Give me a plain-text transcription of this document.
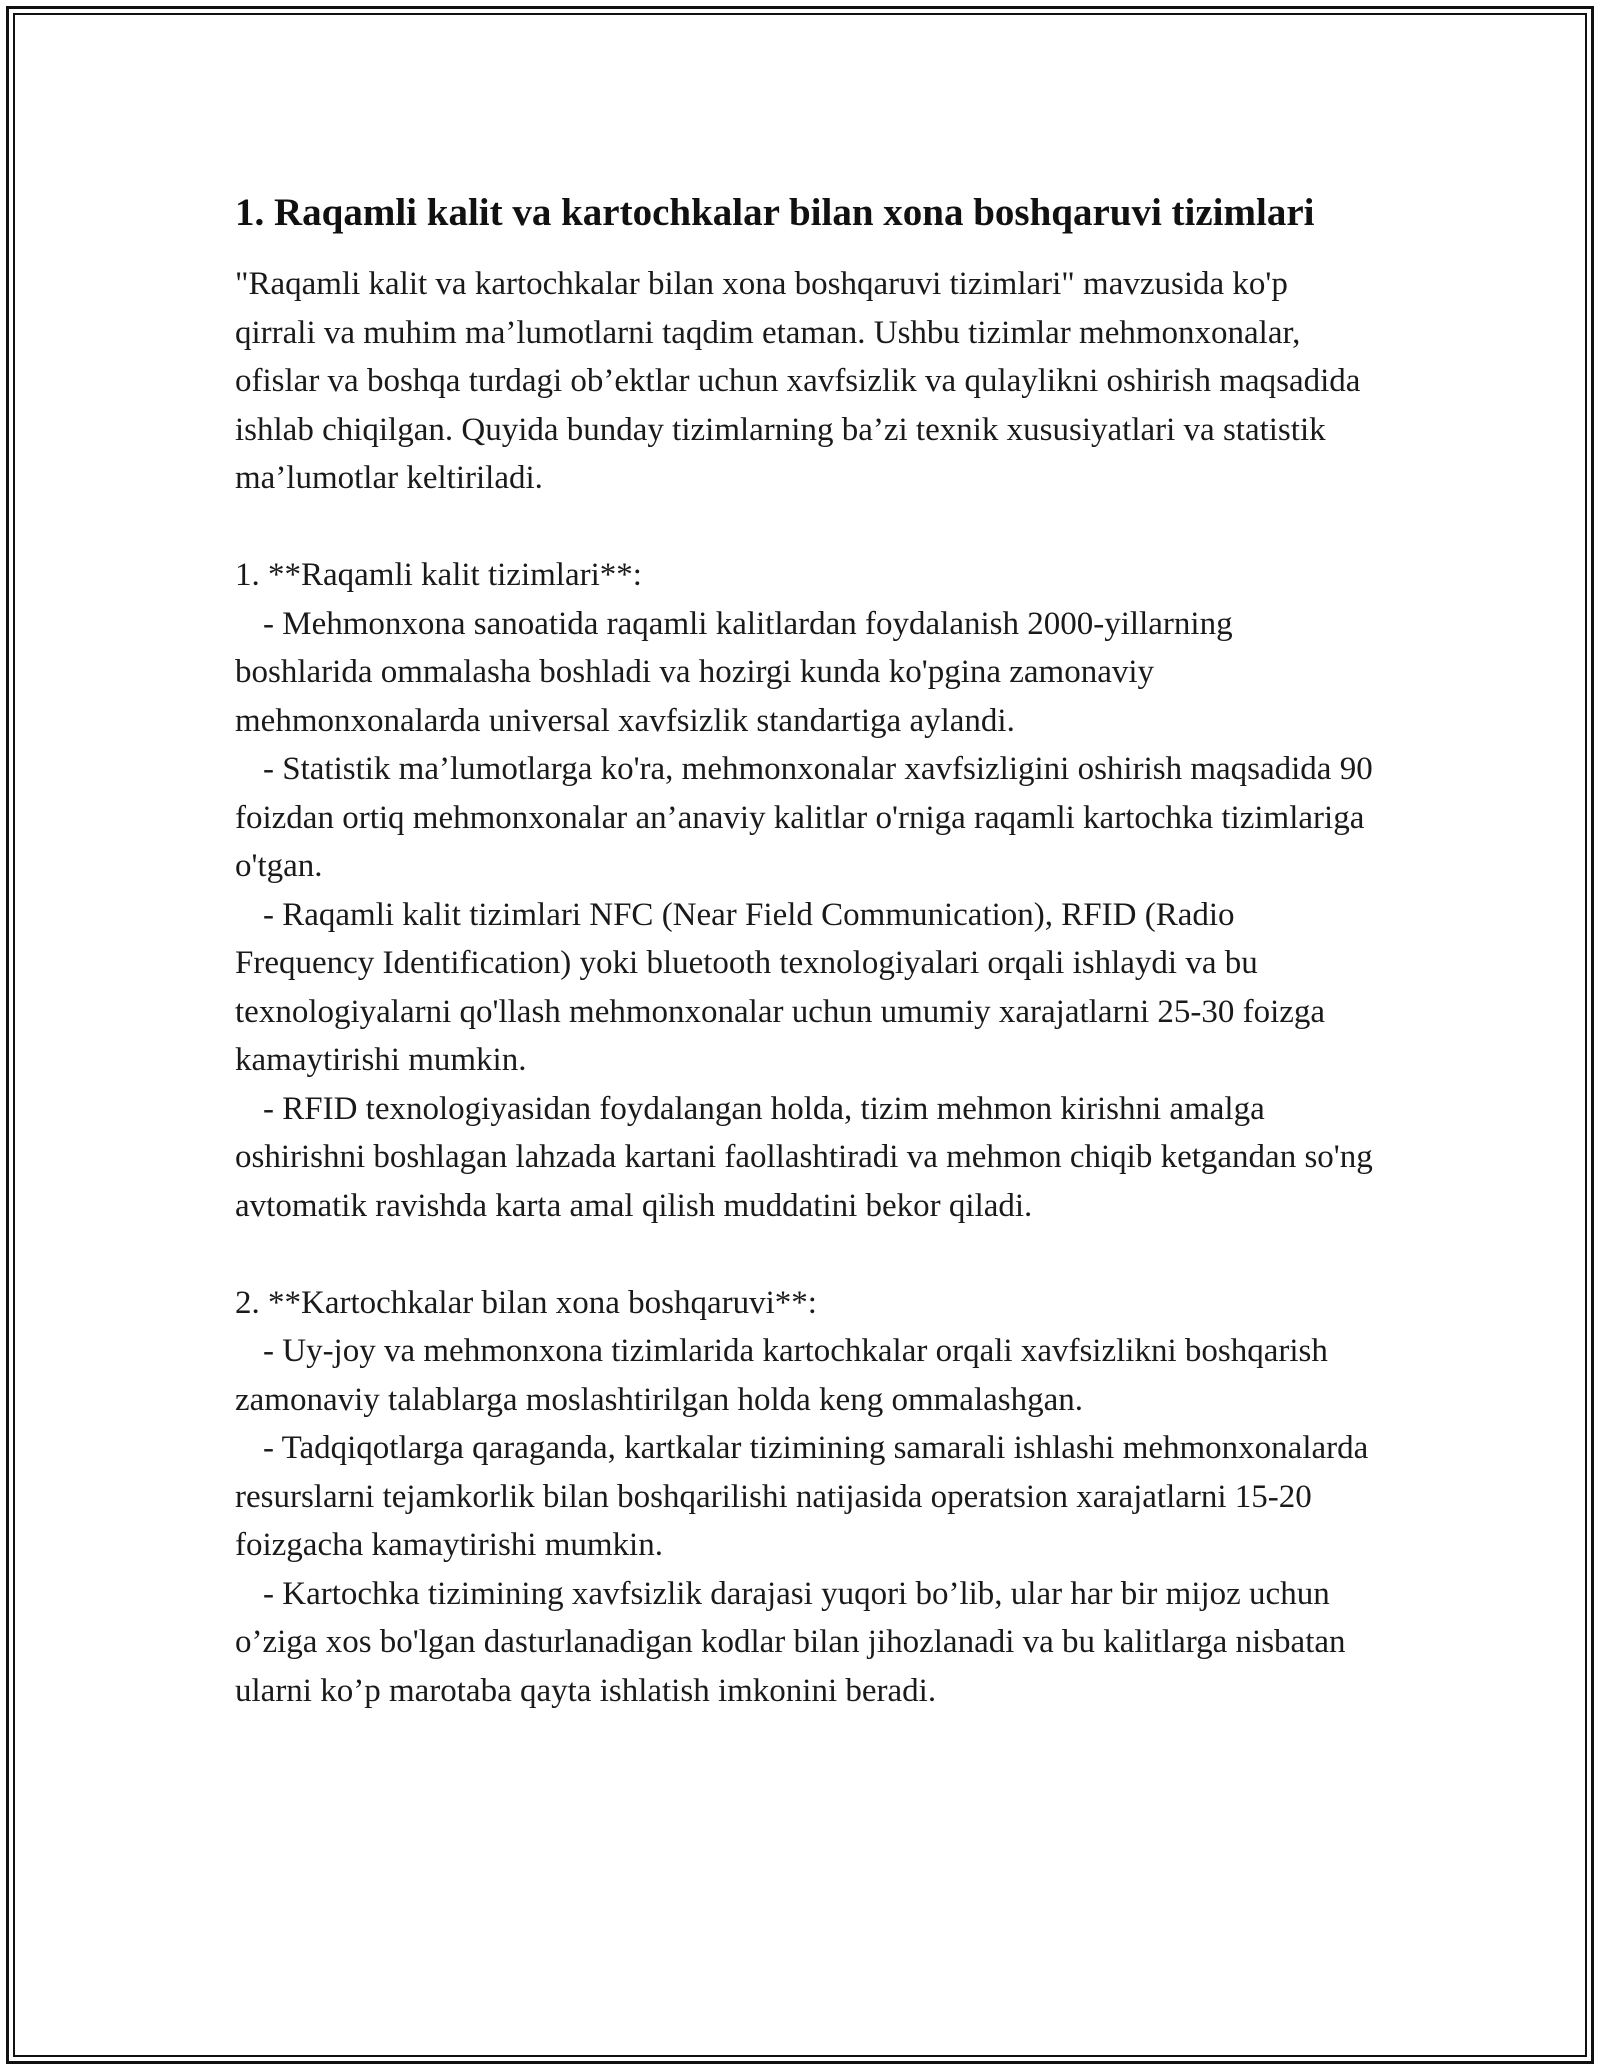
1. Raqamli kalit va kartochkalar bilan xona boshqaruvi tizimlari

"Raqamli kalit va kartochkalar bilan xona boshqaruvi tizimlari" mavzusida ko'p qirrali va muhim ma’lumotlarni taqdim etaman. Ushbu tizimlar mehmonxonalar, ofislar va boshqa turdagi ob’ektlar uchun xavfsizlik va qulaylikni oshirish maqsadida ishlab chiqilgan. Quyida bunday tizimlarning ba’zi texnik xususiyatlari va statistik ma’lumotlar keltiriladi.

1. **Raqamli kalit tizimlari**:

- Mehmonxona sanoatida raqamli kalitlardan foydalanish 2000-yillarning boshlarida ommalasha boshladi va hozirgi kunda ko'pgina zamonaviy mehmonxonalarda universal xavfsizlik standartiga aylandi.

- Statistik ma’lumotlarga ko'ra, mehmonxonalar xavfsizligini oshirish maqsadida 90 foizdan ortiq mehmonxonalar an’anaviy kalitlar o'rniga raqamli kartochka tizimlariga o'tgan.

- Raqamli kalit tizimlari NFC (Near Field Communication), RFID (Radio Frequency Identification) yoki bluetooth texnologiyalari orqali ishlaydi va bu texnologiyalarni qo'llash mehmonxonalar uchun umumiy xarajatlarni 25-30 foizga kamaytirishi mumkin.

- RFID texnologiyasidan foydalangan holda, tizim mehmon kirishni amalga oshirishni boshlagan lahzada kartani faollashtiradi va mehmon chiqib ketgandan so'ng avtomatik ravishda karta amal qilish muddatini bekor qiladi.

2. **Kartochkalar bilan xona boshqaruvi**:

- Uy-joy va mehmonxona tizimlarida kartochkalar orqali xavfsizlikni boshqarish zamonaviy talablarga moslashtirilgan holda keng ommalashgan.

- Tadqiqotlarga qaraganda, kartkalar tizimining samarali ishlashi mehmonxonalarda resurslarni tejamkorlik bilan boshqarilishi natijasida operatsion xarajatlarni 15-20 foizgacha kamaytirishi mumkin.

- Kartochka tizimining xavfsizlik darajasi yuqori bo’lib, ular har bir mijoz uchun o’ziga xos bo'lgan dasturlanadigan kodlar bilan jihozlanadi va bu kalitlarga nisbatan ularni ko’p marotaba qayta ishlatish imkonini beradi.
